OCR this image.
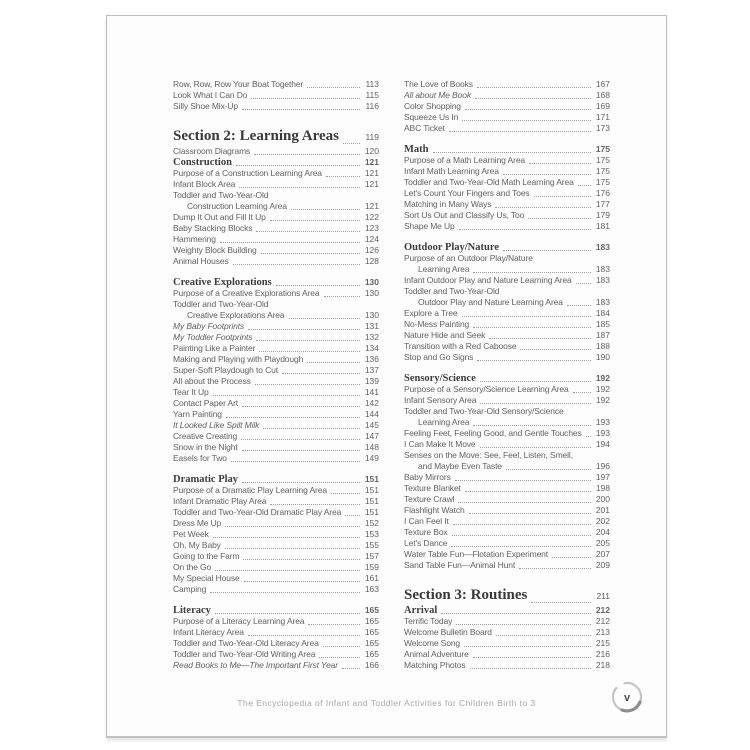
Row, Row, Row Your Boat Together	113
Look What I Can Do	115
Silly Shoe Mix-Up	116
Section 2: Learning Areas	119
Classroom Diagrams	120
Construction	121
Purpose of a Construction Learning Area	121
Infant Block Area	121
Toddler and Two-Year-Old
Construction Learning Area	121
Dump It Out and Fill It Up	122
Baby Stacking Blocks	123
Hammering	124
Weighty Block Building	126
Animal Houses	128
Creative Explorations	130
Purpose of a Creative Explorations Area	130
Toddler and Two-Year-Old
Creative Explorations Area	130
My Baby Footprints	131
My Toddler Footprints	132
Painting Like a Painter	134
Making and Playing with Playdough	136
Super-Soft Playdough to Cut	137
All about the Process	139
Tear It Up	141
Contact Paper Art	142
Yarn Painting	144
It Looked Like Spilt Milk	145
Creative Creating	147
Snow in the Night	148
Easels for Two	149
Dramatic Play	151
Purpose of a Dramatic Play Learning Area	151
Infant Dramatic Play Area	151
Toddler and Two-Year-Old Dramatic Play Area	151
Dress Me Up	152
Pet Week	153
Oh, My Baby	155
Going to the Farm	157
On the Go	159
My Special House	161
Camping	163
Literacy	165
Purpose of a Literacy Learning Area	165
Infant Literacy Area	165
Toddler and Two-Year-Old Literacy Area	165
Toddler and Two-Year-Old Writing Area	165
Read Books to Me—The Important First Year	166
The Love of Books	167
All about Me Book	168
Color Shopping	169
Squeeze Us In	171
ABC Ticket	173
Math	175
Purpose of a Math Learning Area	175
Infant Math Learning Area	175
Toddler and Two-Year-Old Math Learning Area	175
Let's Count Your Fingers and Toes	176
Matching in Many Ways	177
Sort Us Out and Classify Us, Too	179
Shape Me Up	181
Outdoor Play/Nature	183
Purpose of an Outdoor Play/Nature
Learning Area	183
Infant Outdoor Play and Nature Learning Area	183
Toddler and Two-Year-Old
Outdoor Play and Nature Learning Area	183
Explore a Tree	184
No-Mess Painting	185
Nature Hide and Seek	187
Transition with a Red Caboose	188
Stop and Go Signs	190
Sensory/Science	192
Purpose of a Sensory/Science Learning Area	192
Infant Sensory Area	192
Toddler and Two-Year-Old Sensory/Science
Learning Area	193
Feeling Feet, Feeling Good, and Gentle Touches 193
I Can Make It Move	194
Senses on the Move: See, Feel, Listen, Smell,
and Maybe Even Taste	196
Baby Mirrors	197
Texture Blanket	198
Texture Crawl	200
Flashlight Watch	201
I Can Feel It	202
Texture Box	204
Let's Dance	205
Water Table Fun—Flotation Experiment	207
Sand Table Fun—Animal Hunt	209
Section 3: Routines	211
Arrival	212
Terrific Today	212
Welcome Bulletin Board	213
Welcome Song	215
Animal Adventure	216
Matching Photos	218
The Encyclopedia of Infant and Toddler Activities for Children Birth to 3	v
